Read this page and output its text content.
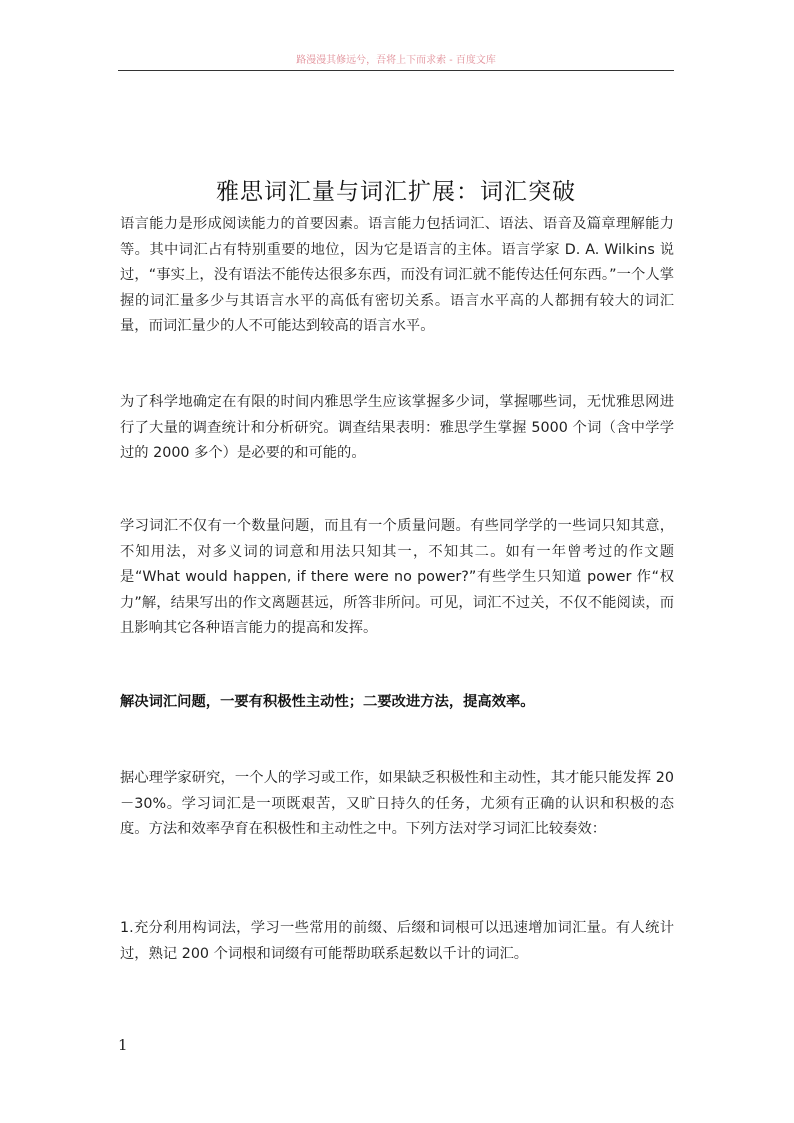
路漫漫其修远兮，吾将上下而求索 - 百度文库
雅思词汇量与词汇扩展：词汇突破

语言能力是形成阅读能力的首要因素。语言能力包括词汇、语法、语音及篇章理解能力等。其中词汇占有特别重要的地位，因为它是语言的主体。语言学家 D. A. Wilkins 说过，“事实上，没有语法不能传达很多东西，而没有词汇就不能传达任何东西。”一个人掌握的词汇量多少与其语言水平的高低有密切关系。语言水平高的人都拥有较大的词汇量，而词汇量少的人不可能达到较高的语言水平。

为了科学地确定在有限的时间内雅思学生应该掌握多少词，掌握哪些词，无忧雅思网进行了大量的调查统计和分析研究。调查结果表明：雅思学生掌握 5000 个词（含中学学过的 2000 多个）是必要的和可能的。

学习词汇不仅有一个数量问题，而且有一个质量问题。有些同学学的一些词只知其意，不知用法，对多义词的词意和用法只知其一，不知其二。如有一年曾考过的作文题是“What would happen, if there were no power?”有些学生只知道 power 作“权力”解，结果写出的作文离题甚远，所答非所问。可见，词汇不过关，不仅不能阅读，而且影响其它各种语言能力的提高和发挥。

解决词汇问题，一要有积极性主动性；二要改进方法，提高效率。

据心理学家研究，一个人的学习或工作，如果缺乏积极性和主动性，其才能只能发挥 20－30%。学习词汇是一项既艰苦，又旷日持久的任务，尤须有正确的认识和积极的态度。方法和效率孕育在积极性和主动性之中。下列方法对学习词汇比较奏效：

1.充分利用构词法，学习一些常用的前缀、后缀和词根可以迅速增加词汇量。有人统计过，熟记 200 个词根和词缀有可能帮助联系起数以千计的词汇。

1
